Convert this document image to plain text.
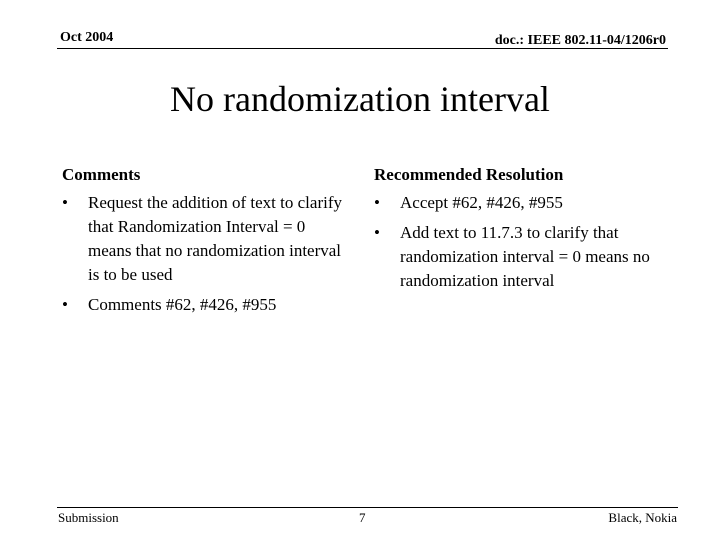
Oct 2004	doc.: IEEE 802.11-04/1206r0
No randomization interval
Comments
• Request the addition of text to clarify that Randomization Interval = 0 means that no randomization interval is to be used
• Comments #62, #426, #955
Recommended Resolution
• Accept #62, #426, #955
• Add text to 11.7.3 to clarify that randomization interval = 0 means no randomization interval
Submission	7	Black, Nokia
